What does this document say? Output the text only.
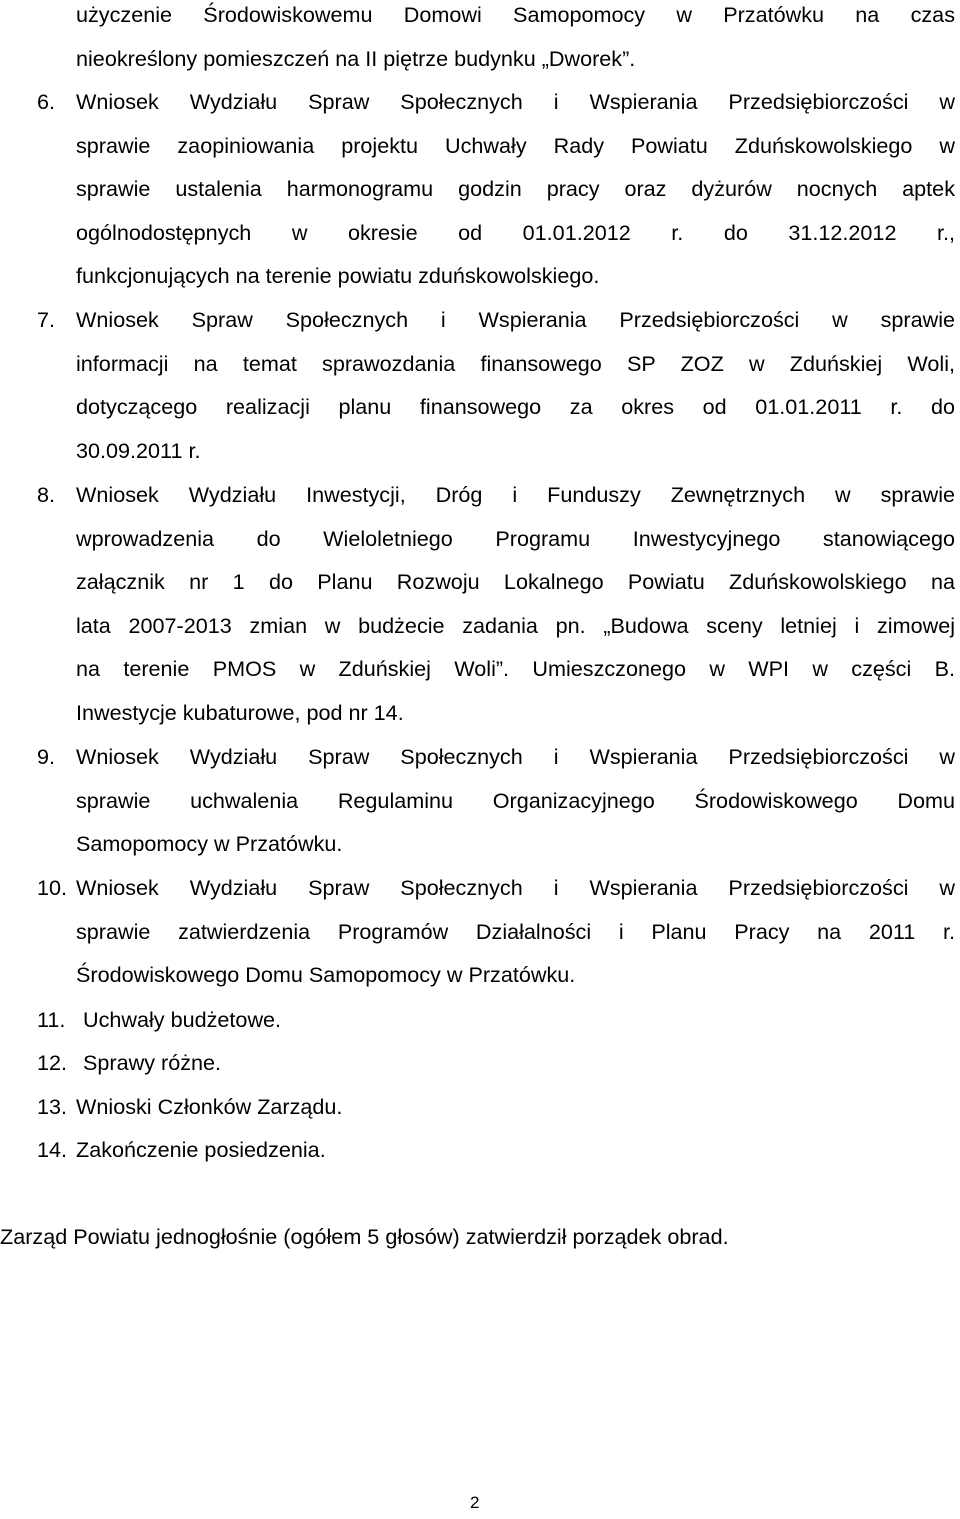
użyczenie Środowiskowemu Domowi Samopomocy w Przatówku na czas
nieokreślony pomieszczeń na II piętrze budynku „Dworek”.
6. Wniosek Wydziału Spraw Społecznych i Wspierania Przedsiębiorczości w
sprawie zaopiniowania projektu Uchwały Rady Powiatu Zduńskowolskiego w
sprawie ustalenia harmonogramu godzin pracy oraz dyżurów nocnych aptek
ogólnodostępnych w okresie od 01.01.2012 r. do 31.12.2012 r.,
funkcjonujących na terenie powiatu zduńskowolskiego.
7. Wniosek Spraw Społecznych i Wspierania Przedsiębiorczości w sprawie
informacji na temat sprawozdania finansowego SP ZOZ w Zduńskiej Woli,
dotyczącego realizacji planu finansowego za okres od 01.01.2011 r. do
30.09.2011 r.
8. Wniosek Wydziału Inwestycji, Dróg i Funduszy Zewnętrznych w sprawie
wprowadzenia do Wieloletniego Programu Inwestycyjnego stanowiącego
załącznik nr 1 do Planu Rozwoju Lokalnego Powiatu Zduńskowolskiego na
lata 2007-2013 zmian w budżecie zadania pn. „Budowa sceny letniej i zimowej
na terenie PMOS w Zduńskiej Woli”. Umieszczonego w WPI w części B.
Inwestycje kubaturowe, pod nr 14.
9. Wniosek Wydziału Spraw Społecznych i Wspierania Przedsiębiorczości w
sprawie uchwalenia Regulaminu Organizacyjnego Środowiskowego Domu
Samopomocy w Przatówku.
10. Wniosek Wydziału Spraw Społecznych i Wspierania Przedsiębiorczości w
sprawie zatwierdzenia Programów Działalności i Planu Pracy na 2011 r.
Środowiskowego Domu Samopomocy w Przatówku.
11. Uchwały budżetowe.
12. Sprawy różne.
13. Wnioski Członków Zarządu.
14. Zakończenie posiedzenia.
Zarząd Powiatu jednogłośnie (ogółem 5 głosów) zatwierdził porządek obrad.
2
